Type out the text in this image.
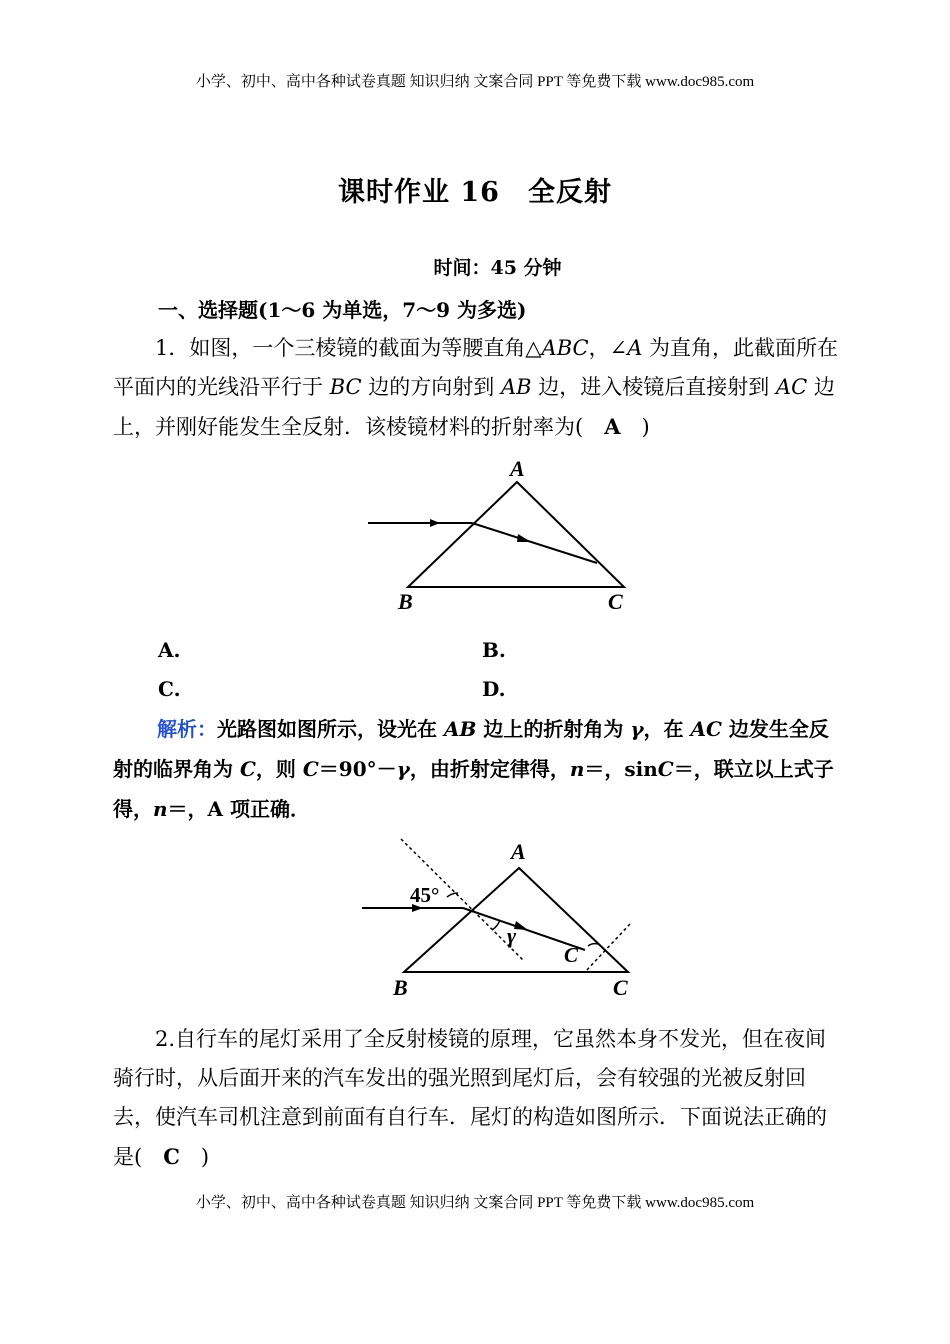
小学、初中、高中各种试卷真题 知识归纳 文案合同 PPT 等免费下载 www.doc985.com
课时作业 16　全反射
时间：45 分钟
一、选择题(1～6 为单选，7～9 为多选)
1．如图，一个三棱镜的截面为等腰直角△ABC，∠A 为直角，此截面所在平面内的光线沿平行于 BC 边的方向射到 AB 边，进入棱镜后直接射到 AC 边上，并刚好能发生全反射．该棱镜材料的折射率为(　A　)
A
B	C
45°
γ
C
A
B	C
A.	B.
C.	D.
解析：光路图如图所示，设光在 AB 边上的折射角为 γ，在 AC 边发生全反射的临界角为 C，则 C＝90°－γ，由折射定律得，n＝，sinC＝，联立以上式子得，n＝，A 项正确．
2.自行车的尾灯采用了全反射棱镜的原理，它虽然本身不发光，但在夜间骑行时，从后面开来的汽车发出的强光照到尾灯后，会有较强的光被反射回去，使汽车司机注意到前面有自行车．尾灯的构造如图所示．下面说法正确的是(　C　)
小学、初中、高中各种试卷真题 知识归纳 文案合同 PPT 等免费下载 www.doc985.com
